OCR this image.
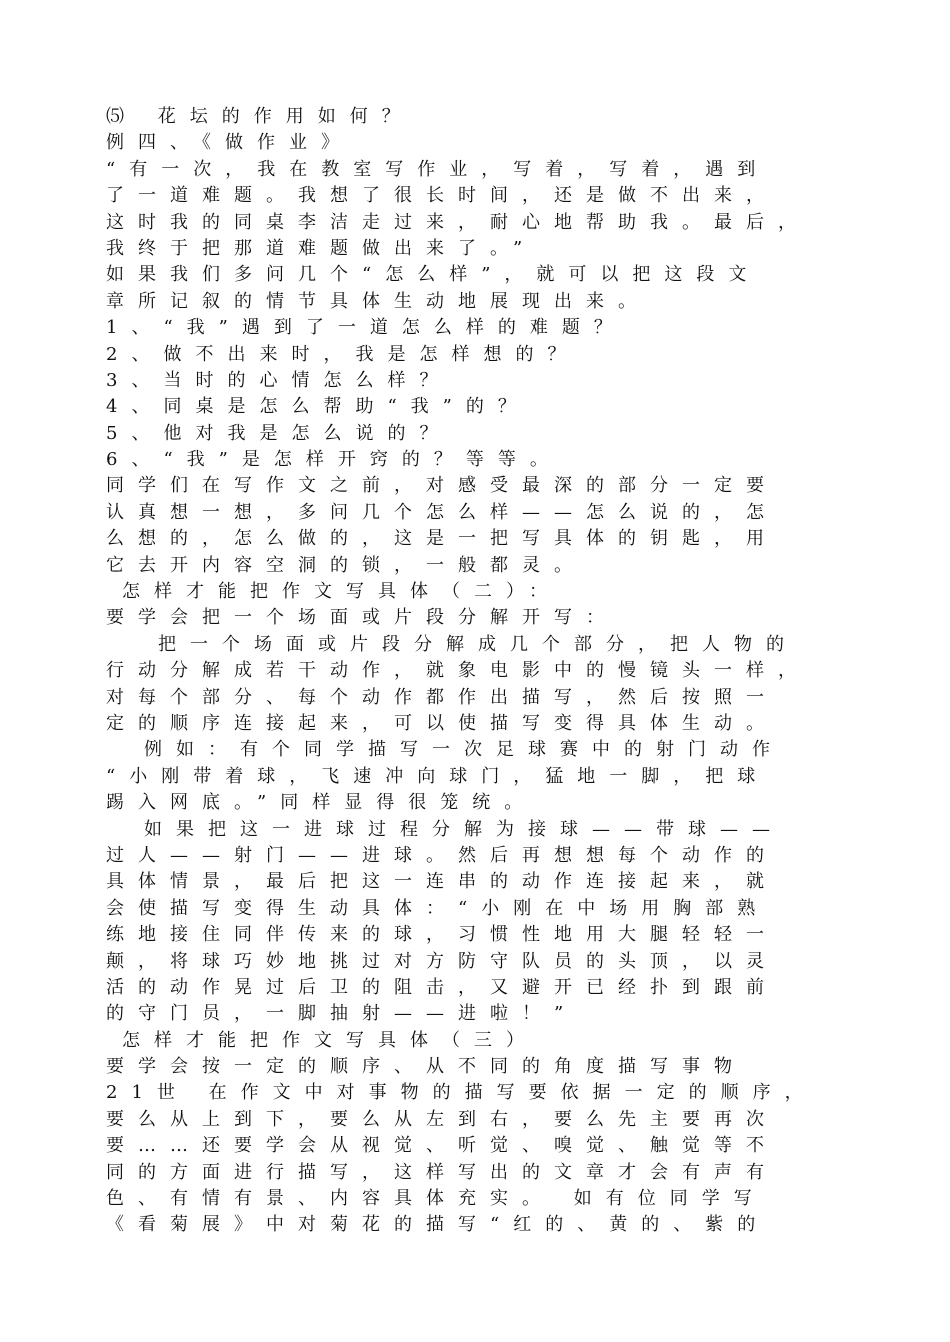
⑸ 花坛的作用如何？
例四、《做作业》
“有一次，我在教室写作业，写着，写着，遇到
了一道难题。我想了很长时间，还是做不出来，
这时我的同桌李洁走过来，耐心地帮助我。最后，
我终于把那道难题做出来了。”
如果我们多问几个“怎么样”，就可以把这段文
章所记叙的情节具体生动地展现出来。
1、“我”遇到了一道怎么样的难题？
2、做不出来时，我是怎样想的？
3、当时的心情怎么样？
4、同桌是怎么帮助“我”的？
5、他对我是怎么说的？
6、“我”是怎样开窍的？等等。
同学们在写作文之前，对感受最深的部分一定要
认真想一想，多问几个怎么样——怎么说的，怎
么想的，怎么做的，这是一把写具体的钥匙，用
它去开内容空洞的锁，一般都灵。
怎样才能把作文写具体（二）：
要学会把一个场面或片段分解开写：
把一个场面或片段分解成几个部分，把人物的
行动分解成若干动作，就象电影中的慢镜头一样，
对每个部分、每个动作都作出描写，然后按照一
定的顺序连接起来，可以使描写变得具体生动。
例如：有个同学描写一次足球赛中的射门动作
“小刚带着球，飞速冲向球门，猛地一脚，把球
踢入网底。”同样显得很笼统。
如果把这一进球过程分解为接球——带球——
过人——射门——进球。然后再想想每个动作的
具体情景，最后把这一连串的动作连接起来，就
会使描写变得生动具体：“小刚在中场用胸部熟
练地接住同伴传来的球，习惯性地用大腿轻轻一
颠，将球巧妙地挑过对方防守队员的头顶，以灵
活的动作晃过后卫的阻击，又避开已经扑到跟前
的守门员，一脚抽射——进啦！”
怎样才能把作文写具体（三）
要学会按一定的顺序、从不同的角度描写事物
21世 在作文中对事物的描写要依据一定的顺序，
要么从上到下，要么从左到右，要么先主要再次
要……还要学会从视觉、听觉、嗅觉、触觉等不
同的方面进行描写，这样写出的文章才会有声有
色、有情有景、内容具体充实。 如有位同学写
《看菊展》中对菊花的描写“红的、黄的、紫的
